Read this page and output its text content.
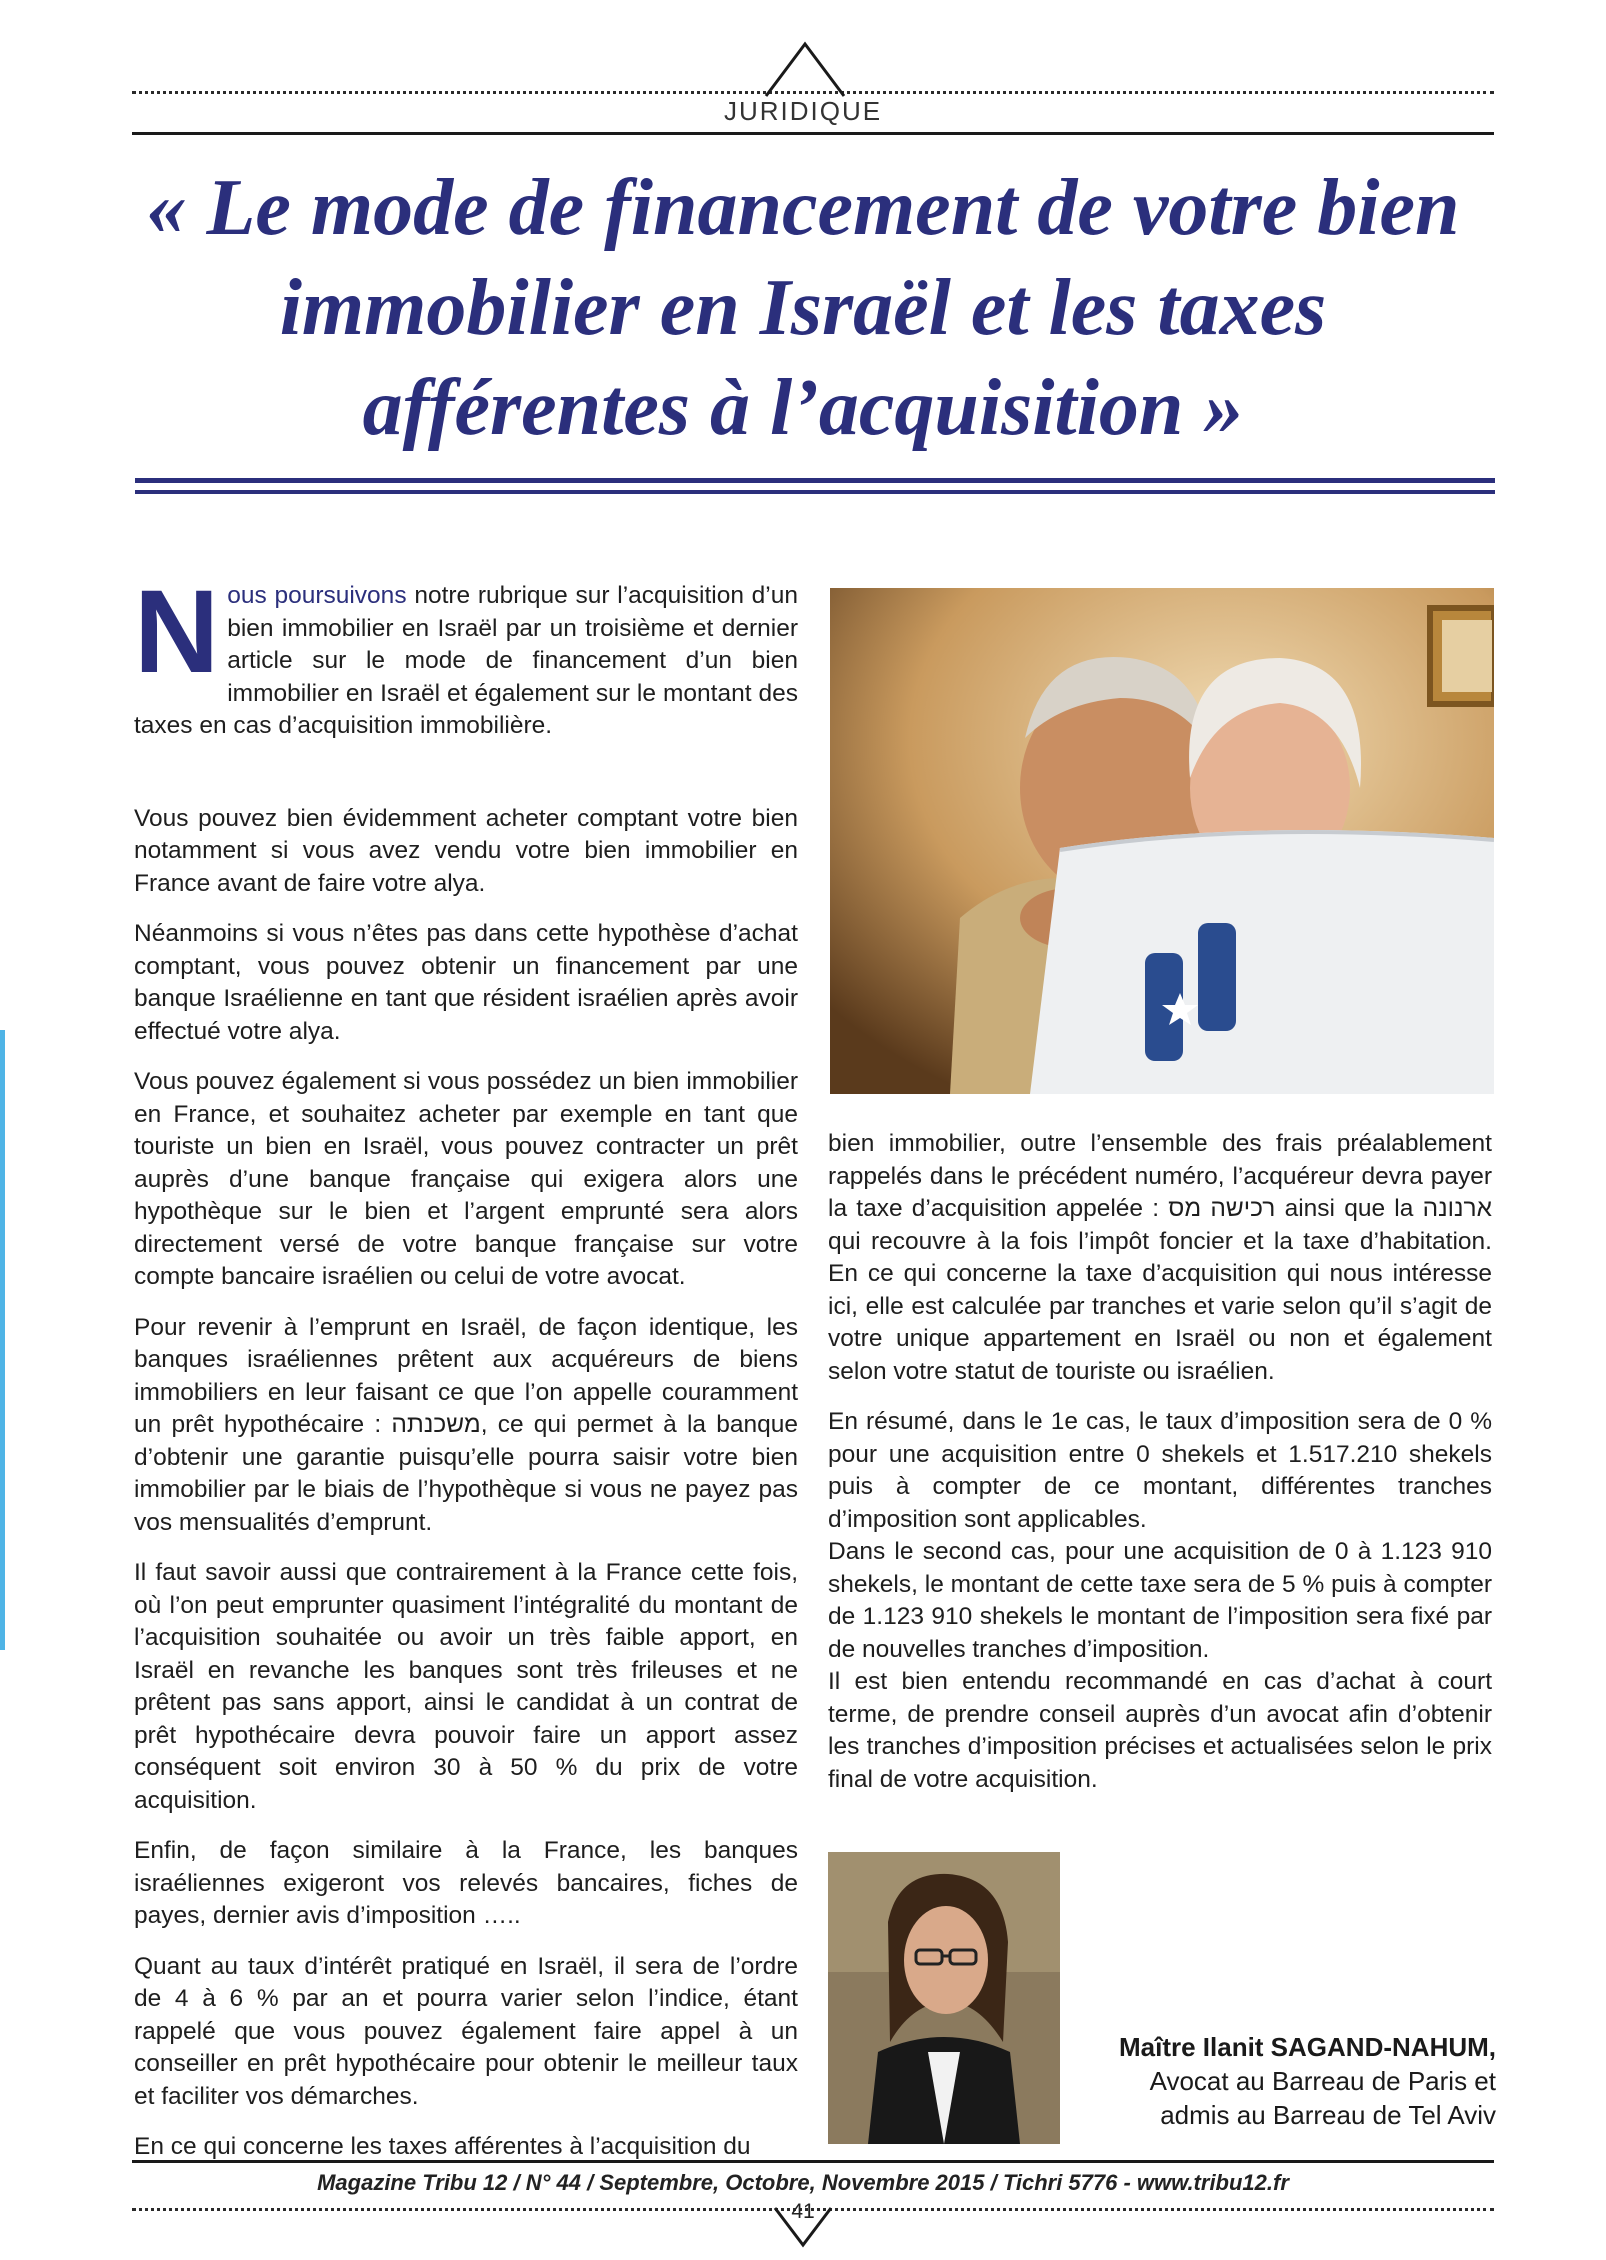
JURIDIQUE
« Le mode de financement de votre bien immobilier en Israël et les taxes afférentes à l’acquisition »

Nous poursuivons notre rubrique sur l’acquisition d’un bien immobilier en Israël par un troisième et dernier article sur le mode de financement d’un bien immobilier en Israël et également sur le montant des taxes en cas d’acquisition immobilière.

Vous pouvez bien évidemment acheter comptant votre bien notamment si vous avez vendu votre bien immobilier en France avant de faire votre alya.

Néanmoins si vous n’êtes pas dans cette hypothèse d’achat comptant, vous pouvez obtenir un financement par une banque Israélienne en tant que résident israélien après avoir effectué votre alya.

Vous pouvez également si vous possédez un bien immobilier en France, et souhaitez acheter par exemple en tant que touriste un bien en Israël, vous pouvez contracter un prêt auprès d’une banque française qui exigera alors une hypothèque sur le bien et l’argent emprunté sera alors directement versé de votre banque française sur votre compte bancaire israélien ou celui de votre avocat.

Pour revenir à l’emprunt en Israël, de façon identique, les banques israéliennes prêtent aux acquéreurs de biens immobiliers en leur faisant ce que l’on appelle couramment un prêt hypothécaire : משכנתה, ce qui permet à la banque d’obtenir une garantie puisqu’elle pourra saisir votre bien immobilier par le biais de l’hypothèque si vous ne payez pas vos mensualités d’emprunt.

Il faut savoir aussi que contrairement à la France cette fois, où l’on peut emprunter quasiment l’intégralité du montant de l’acquisition souhaitée ou avoir un très faible apport, en Israël en revanche les banques sont très frileuses et ne prêtent pas sans apport, ainsi le candidat à un contrat de prêt hypothécaire devra pouvoir faire un apport assez conséquent soit environ 30 à 50 % du prix de votre acquisition.

Enfin, de façon similaire à la France, les banques israéliennes exigeront vos relevés bancaires, fiches de payes, dernier avis d’imposition …..

Quant au taux d’intérêt pratiqué en Israël, il sera de l’ordre de 4 à 6 % par an et pourra varier selon l’indice, étant rappelé que vous pouvez également faire appel à un conseiller en prêt hypothécaire pour obtenir le meilleur taux et faciliter vos démarches.

En ce qui concerne les taxes afférentes à l’acquisition du

bien immobilier, outre l’ensemble des frais préalablement rappelés dans le précédent numéro, l’acquéreur devra payer la taxe d’acquisition appelée : רכישה מס ainsi que la ארנונה qui recouvre à la fois l’impôt foncier et la taxe d’habitation. En ce qui concerne la taxe d’acquisition qui nous intéresse ici, elle est calculée par tranches et varie selon qu’il s’agit de votre unique appartement en Israël ou non et également selon votre statut de touriste ou israélien.

En résumé, dans le 1e cas, le taux d’imposition sera de 0 % pour une acquisition entre 0 shekels et 1.517.210 shekels puis à compter de ce montant, différentes tranches d’imposition sont applicables.

Dans le second cas, pour une acquisition de 0 à 1.123 910 shekels, le montant de cette taxe sera de 5 % puis à compter de 1.123 910 shekels le montant de l’imposition sera fixé par de nouvelles tranches d’imposition.

Il est bien entendu recommandé en cas d’achat à court terme, de prendre conseil auprès d’un avocat afin d’obtenir les tranches d’imposition précises et actualisées selon le prix final de votre acquisition.

Maître Ilanit SAGAND-NAHUM,
Avocat au Barreau de Paris et
admis au Barreau de Tel Aviv
Magazine Tribu 12 / N° 44 / Septembre, Octobre, Novembre 2015 / Tichri 5776 - www.tribu12.fr
41
